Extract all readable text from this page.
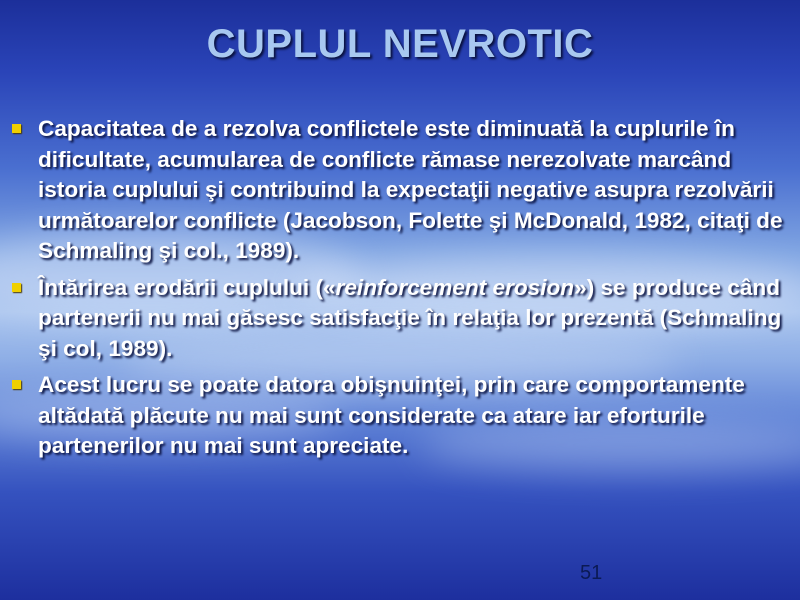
CUPLUL NEVROTIC
Capacitatea de a rezolva conflictele este diminuată la cuplurile în dificultate, acumularea de conflicte rămase nerezolvate marcând istoria cuplului şi contribuind la expectaţii negative asupra rezolvării următoarelor conflicte (Jacobson, Folette şi McDonald, 1982, citaţi de Schmaling şi col., 1989).
Întărirea erodării cuplului («reinforcement erosion») se produce când partenerii nu mai găsesc satisfacţie în relaţia lor prezentă (Schmaling şi col, 1989).
Acest lucru se poate datora obişnuinţei, prin care comportamente altădată plăcute nu mai sunt considerate ca atare iar eforturile partenerilor nu mai sunt apreciate.
51
